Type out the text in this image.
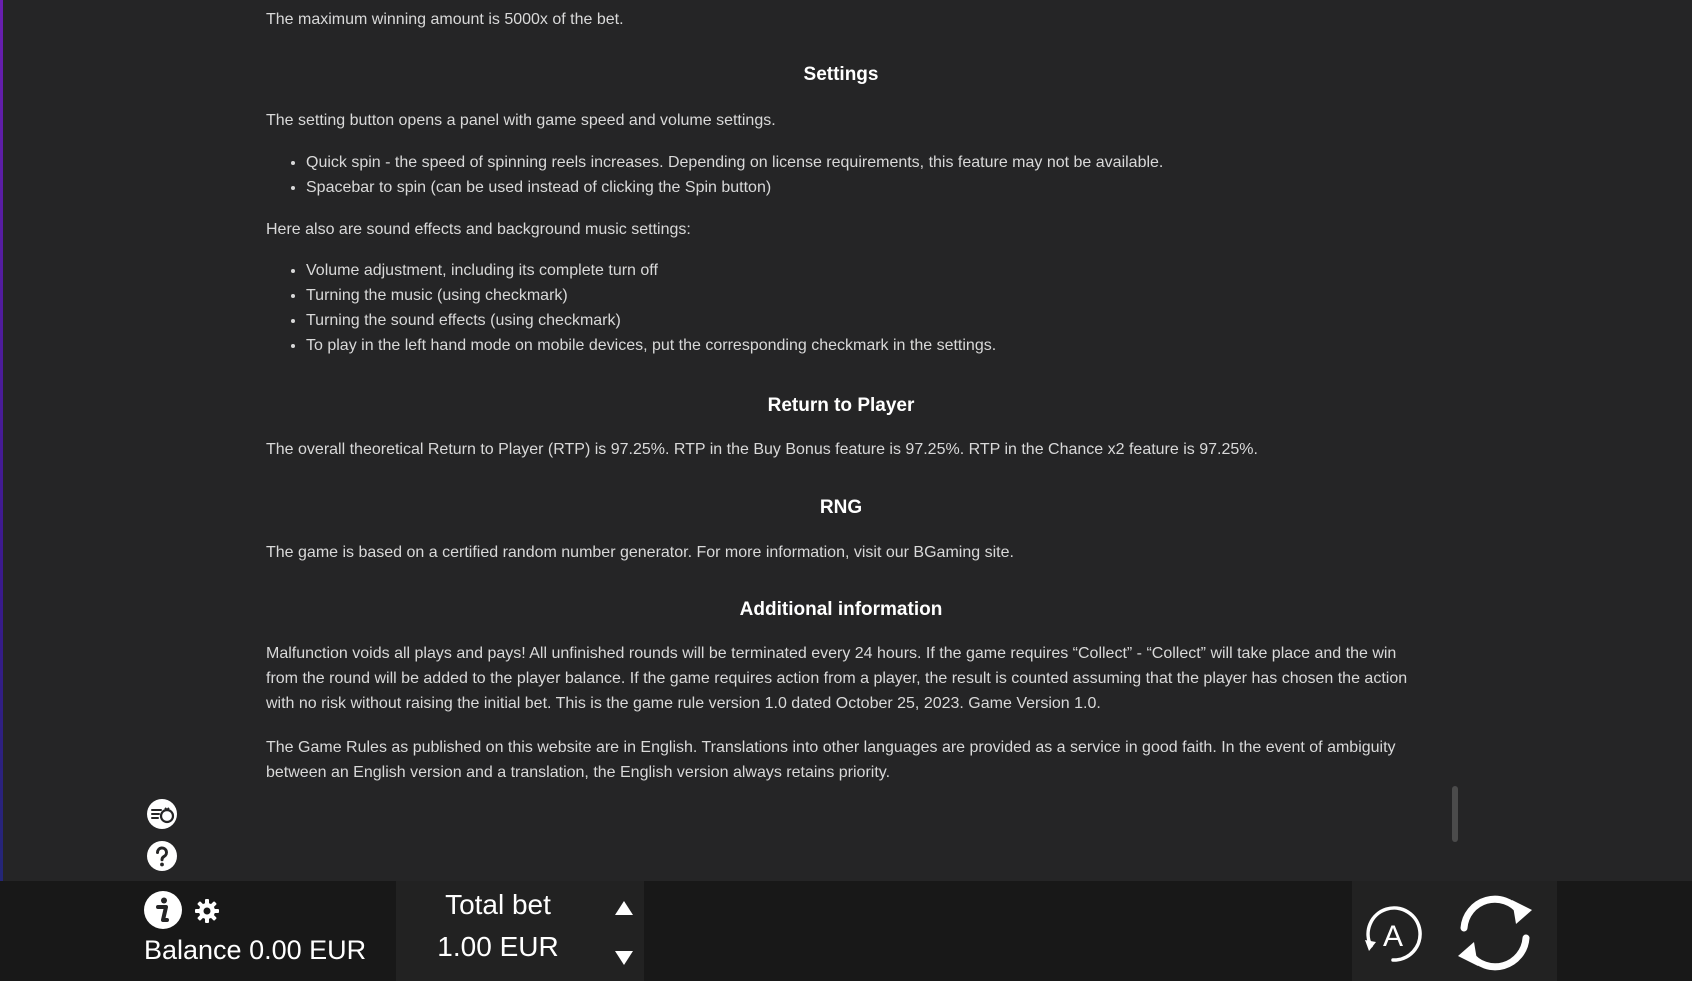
The maximum winning amount is 5000x of the bet.

Settings

The setting button opens a panel with game speed and volume settings.

• Quick spin - the speed of spinning reels increases. Depending on license requirements, this feature may not be available.
• Spacebar to spin (can be used instead of clicking the Spin button)

Here also are sound effects and background music settings:

• Volume adjustment, including its complete turn off
• Turning the music (using checkmark)
• Turning the sound effects (using checkmark)
• To play in the left hand mode on mobile devices, put the corresponding checkmark in the settings.
Return to Player

The overall theoretical Return to Player (RTP) is 97.25%. RTP in the Buy Bonus feature is 97.25%. RTP in the Chance x2 feature is 97.25%.

RNG

The game is based on a certified random number generator. For more information, visit our BGaming site.

Additional information

Malfunction voids all plays and pays! All unfinished rounds will be terminated every 24 hours. If the game requires “Collect” - “Collect” will take place and the win from the round will be added to the player balance. If the game requires action from a player, the result is counted assuming that the player has chosen the action with no risk without raising the initial bet. This is the game rule version 1.0 dated October 25, 2023. Game Version 1.0.

The Game Rules as published on this website are in English. Translations into other languages are provided as a service in good faith. In the event of ambiguity between an English version and a translation, the English version always retains priority.

Balance 0.00 EUR
Total bet
1.00 EUR	A
